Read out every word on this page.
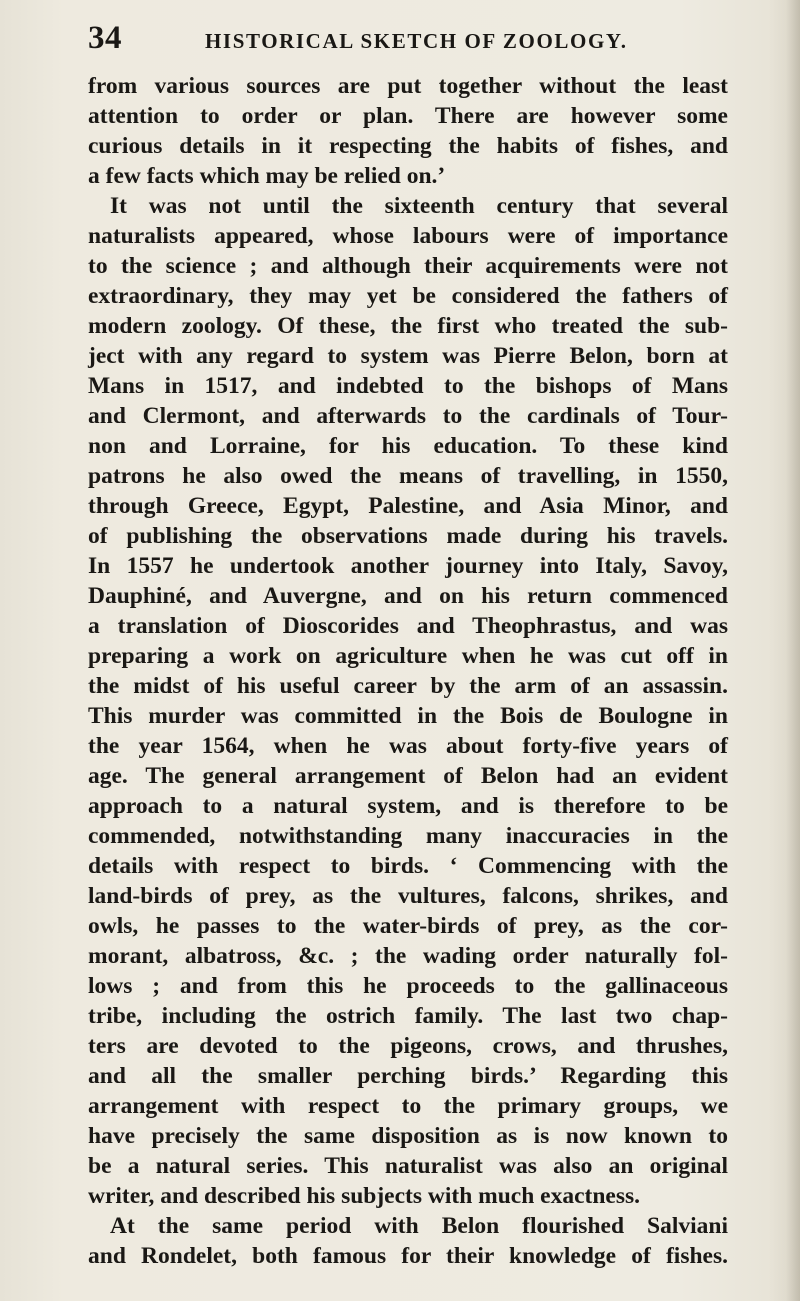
34	HISTORICAL SKETCH OF ZOOLOGY.
from various sources are put together without the least
attention to order or plan. There are however some
curious details in it respecting the habits of fishes, and
a few facts which may be relied on.’
It was not until the sixteenth century that several
naturalists appeared, whose labours were of importance
to the science ; and although their acquirements were not
extraordinary, they may yet be considered the fathers of
modern zoology. Of these, the first who treated the sub-
ject with any regard to system was Pierre Belon, born at
Mans in 1517, and indebted to the bishops of Mans
and Clermont, and afterwards to the cardinals of Tour-
non and Lorraine, for his education. To these kind
patrons he also owed the means of travelling, in 1550,
through Greece, Egypt, Palestine, and Asia Minor, and
of publishing the observations made during his travels.
In 1557 he undertook another journey into Italy, Savoy,
Dauphiné, and Auvergne, and on his return commenced
a translation of Dioscorides and Theophrastus, and was
preparing a work on agriculture when he was cut off in
the midst of his useful career by the arm of an assassin.
This murder was committed in the Bois de Boulogne in
the year 1564, when he was about forty-five years of
age. The general arrangement of Belon had an evident
approach to a natural system, and is therefore to be
commended, notwithstanding many inaccuracies in the
details with respect to birds. ‘ Commencing with the
land-birds of prey, as the vultures, falcons, shrikes, and
owls, he passes to the water-birds of prey, as the cor-
morant, albatross, &c. ; the wading order naturally fol-
lows ; and from this he proceeds to the gallinaceous
tribe, including the ostrich family. The last two chap-
ters are devoted to the pigeons, crows, and thrushes,
and all the smaller perching birds.’ Regarding this
arrangement with respect to the primary groups, we
have precisely the same disposition as is now known to
be a natural series. This naturalist was also an original
writer, and described his subjects with much exactness.
At the same period with Belon flourished Salviani
and Rondelet, both famous for their knowledge of fishes.
